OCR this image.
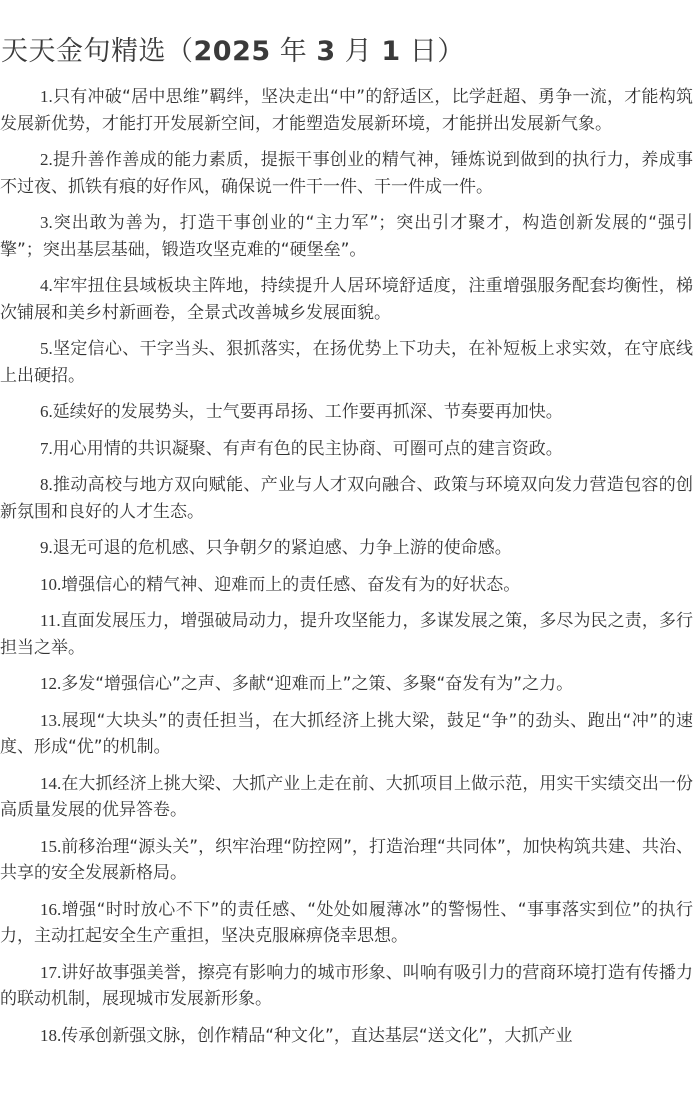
天天金句精选（2025 年 3 月 1 日）

1.只有冲破“居中思维”羁绊，坚决走出“中”的舒适区，比学赶超、勇争一流，才能构筑发展新优势，才能打开发展新空间，才能塑造发展新环境，才能拼出发展新气象。

2.提升善作善成的能力素质，提振干事创业的精气神，锤炼说到做到的执行力，养成事不过夜、抓铁有痕的好作风，确保说一件干一件、干一件成一件。

3.突出敢为善为，打造干事创业的“主力军”；突出引才聚才，构造创新发展的“强引擎”；突出基层基础，锻造攻坚克难的“硬堡垒”。

4.牢牢扭住县域板块主阵地，持续提升人居环境舒适度，注重增强服务配套均衡性，梯次铺展和美乡村新画卷，全景式改善城乡发展面貌。

5.坚定信心、干字当头、狠抓落实，在扬优势上下功夫，在补短板上求实效，在守底线上出硬招。

6.延续好的发展势头，士气要再昂扬、工作要再抓深、节奏要再加快。

7.用心用情的共识凝聚、有声有色的民主协商、可圈可点的建言资政。

8.推动高校与地方双向赋能、产业与人才双向融合、政策与环境双向发力营造包容的创新氛围和良好的人才生态。

9.退无可退的危机感、只争朝夕的紧迫感、力争上游的使命感。

10.增强信心的精气神、迎难而上的责任感、奋发有为的好状态。

11.直面发展压力，增强破局动力，提升攻坚能力，多谋发展之策，多尽为民之责，多行担当之举。

12.多发“增强信心”之声、多献“迎难而上”之策、多聚“奋发有为”之力。

13.展现“大块头”的责任担当，在大抓经济上挑大梁，鼓足“争”的劲头、跑出“冲”的速度、形成“优”的机制。

14.在大抓经济上挑大梁、大抓产业上走在前、大抓项目上做示范，用实干实绩交出一份高质量发展的优异答卷。

15.前移治理“源头关”，织牢治理“防控网”，打造治理“共同体”，加快构筑共建、共治、共享的安全发展新格局。

16.增强“时时放心不下”的责任感、“处处如履薄冰”的警惕性、“事事落实到位”的执行力，主动扛起安全生产重担，坚决克服麻痹侥幸思想。

17.讲好故事强美誉，擦亮有影响力的城市形象、叫响有吸引力的营商环境打造有传播力的联动机制，展现城市发展新形象。

18.传承创新强文脉，创作精品“种文化”，直达基层“送文化”，大抓产业
